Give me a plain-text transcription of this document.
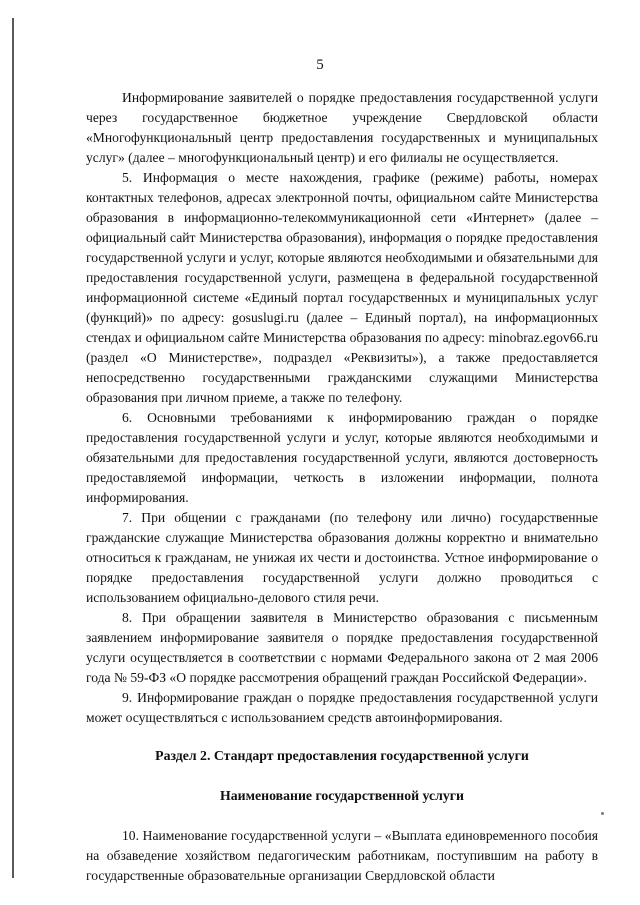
5

Информирование заявителей о порядке предоставления государственной услуги через государственное бюджетное учреждение Свердловской области «Многофункциональный центр предоставления государственных и муниципальных услуг» (далее – многофункциональный центр) и его филиалы не осуществляется.

5. Информация о месте нахождения, графике (режиме) работы, номерах контактных телефонов, адресах электронной почты, официальном сайте Министерства образования в информационно-телекоммуникационной сети «Интернет» (далее – официальный сайт Министерства образования), информация о порядке предоставления государственной услуги и услуг, которые являются необходимыми и обязательными для предоставления государственной услуги, размещена в федеральной государственной информационной системе «Единый портал государственных и муниципальных услуг (функций)» по адресу: gosuslugi.ru (далее – Единый портал), на информационных стендах и официальном сайте Министерства образования по адресу: minobraz.egov66.ru (раздел «О Министерстве», подраздел «Реквизиты»), а также предоставляется непосредственно государственными гражданскими служащими Министерства образования при личном приеме, а также по телефону.

6. Основными требованиями к информированию граждан о порядке предоставления государственной услуги и услуг, которые являются необходимыми и обязательными для предоставления государственной услуги, являются достоверность предоставляемой информации, четкость в изложении информации, полнота информирования.

7. При общении с гражданами (по телефону или лично) государственные гражданские служащие Министерства образования должны корректно и внимательно относиться к гражданам, не унижая их чести и достоинства. Устное информирование о порядке предоставления государственной услуги должно проводиться с использованием официально-делового стиля речи.

8. При обращении заявителя в Министерство образования с письменным заявлением информирование заявителя о порядке предоставления государственной услуги осуществляется в соответствии с нормами Федерального закона от 2 мая 2006 года № 59-ФЗ «О порядке рассмотрения обращений граждан Российской Федерации».

9. Информирование граждан о порядке предоставления государственной услуги может осуществляться с использованием средств автоинформирования.

Раздел 2. Стандарт предоставления государственной услуги
Наименование государственной услуги

10. Наименование государственной услуги – «Выплата единовременного пособия на обзаведение хозяйством педагогическим работникам, поступившим на работу в государственные образовательные организации Свердловской области
